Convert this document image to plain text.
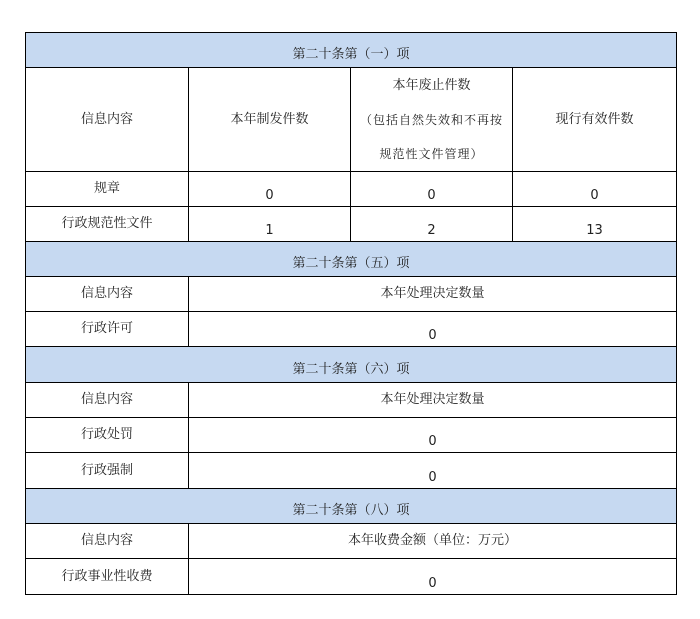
第二十条第（一）项			
信息内容	本年制发件数	本年废止件数
（包括自然失效和不再按
规范性文件管理）	现行有效件数
规章	0	0	0
行政规范性文件	1	2	13
第二十条第（五）项			
信息内容	本年处理决定数量		
行政许可	0		
第二十条第（六）项			
信息内容	本年处理决定数量		
行政处罚	0		
行政强制	0		
第二十条第（八）项			
信息内容	本年收费金额（单位：万元）		
行政事业性收费	0		
